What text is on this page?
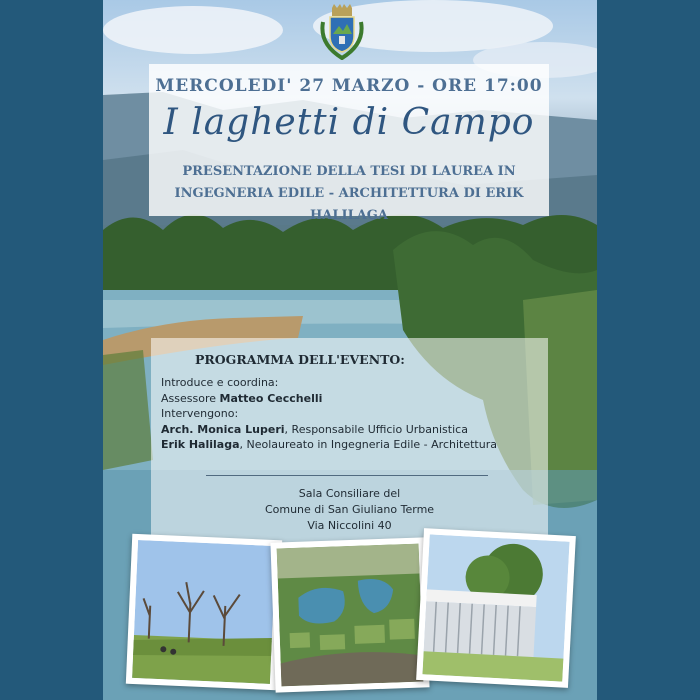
MERCOLEDI' 27 MARZO - ORE 17:00
I laghetti di Campo
PRESENTAZIONE DELLA TESI DI LAUREA IN
INGEGNERIA EDILE - ARCHITETTURA DI ERIK HALILAGA
PROGRAMMA DELL'EVENTO:
Introduce e coordina:
Assessore Matteo Cecchelli
Intervengono:
Arch. Monica Luperi, Responsabile Ufficio Urbanistica
Erik Halilaga, Neolaureato in Ingegneria Edile - Architettura
Sala Consiliare del
Comune di San Giuliano Terme
Via Niccolini 40
